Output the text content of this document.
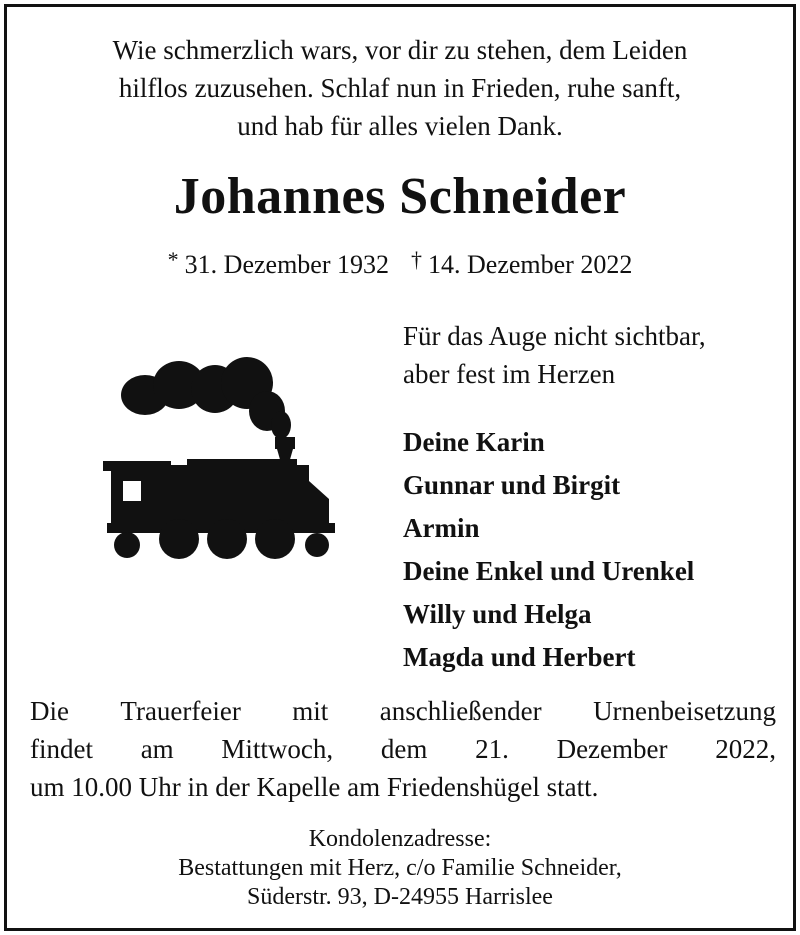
Wie schmerzlich wars, vor dir zu stehen, dem Leiden
hilflos zuzusehen. Schlaf nun in Frieden, ruhe sanft,
und hab für alles vielen Dank.
Johannes Schneider
* 31. Dezember 1932 † 14. Dezember 2022
Für das Auge nicht sichtbar,
aber fest im Herzen
Deine Karin
Gunnar und Birgit
Armin
Deine Enkel und Urenkel
Willy und Helga
Magda und Herbert
Die Trauerfeier mit anschließender Urnenbeisetzung
findet am Mittwoch, dem 21. Dezember 2022,
um 10.00 Uhr in der Kapelle am Friedenshügel statt.
Kondolenzadresse:
Bestattungen mit Herz, c/o Familie Schneider,
Süderstr. 93, D-24955 Harrislee
